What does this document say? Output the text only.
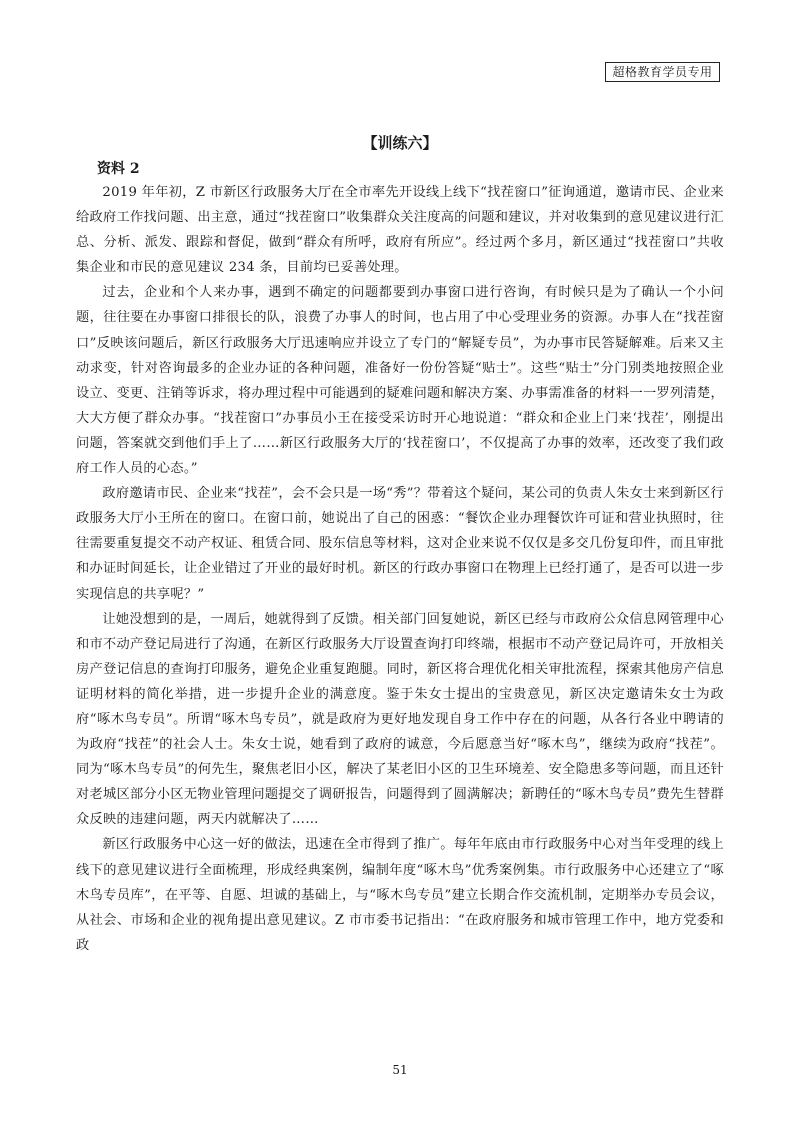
超格教育学员专用
【训练六】
资料 2

2019 年年初，Z 市新区行政服务大厅在全市率先开设线上线下“找茬窗口”征询通道，邀请市民、企业来给政府工作找问题、出主意，通过“找茬窗口”收集群众关注度高的问题和建议，并对收集到的意见建议进行汇总、分析、派发、跟踪和督促，做到“群众有所呼，政府有所应”。经过两个多月，新区通过“找茬窗口”共收集企业和市民的意见建议 234 条，目前均已妥善处理。

过去，企业和个人来办事，遇到不确定的问题都要到办事窗口进行咨询，有时候只是为了确认一个小问题，往往要在办事窗口排很长的队，浪费了办事人的时间，也占用了中心受理业务的资源。办事人在“找茬窗口”反映该问题后，新区行政服务大厅迅速响应并设立了专门的“解疑专员”，为办事市民答疑解难。后来又主动求变，针对咨询最多的企业办证的各种问题，准备好一份份答疑“贴士”。这些“贴士”分门别类地按照企业设立、变更、注销等诉求，将办理过程中可能遇到的疑难问题和解决方案、办事需准备的材料一一罗列清楚，大大方便了群众办事。“找茬窗口”办事员小王在接受采访时开心地说道：“群众和企业上门来‘找茬’，刚提出问题，答案就交到他们手上了……新区行政服务大厅的‘找茬窗口’，不仅提高了办事的效率，还改变了我们政府工作人员的心态。”

政府邀请市民、企业来“找茬”，会不会只是一场“秀”？带着这个疑问，某公司的负责人朱女士来到新区行政服务大厅小王所在的窗口。在窗口前，她说出了自己的困惑：“餐饮企业办理餐饮许可证和营业执照时，往往需要重复提交不动产权证、租赁合同、股东信息等材料，这对企业来说不仅仅是多交几份复印件，而且审批和办证时间延长，让企业错过了开业的最好时机。新区的行政办事窗口在物理上已经打通了，是否可以进一步实现信息的共享呢？”

让她没想到的是，一周后，她就得到了反馈。相关部门回复她说，新区已经与市政府公众信息网管理中心和市不动产登记局进行了沟通，在新区行政服务大厅设置查询打印终端，根据市不动产登记局许可，开放相关房产登记信息的查询打印服务，避免企业重复跑腿。同时，新区将合理优化相关审批流程，探索其他房产信息证明材料的简化举措，进一步提升企业的满意度。鉴于朱女士提出的宝贵意见，新区决定邀请朱女士为政府“啄木鸟专员”。所谓“啄木鸟专员”，就是政府为更好地发现自身工作中存在的问题，从各行各业中聘请的为政府“找茬”的社会人士。朱女士说，她看到了政府的诚意，今后愿意当好“啄木鸟”，继续为政府“找茬”。同为“啄木鸟专员”的何先生，聚焦老旧小区，解决了某老旧小区的卫生环境差、安全隐患多等问题，而且还针对老城区部分小区无物业管理问题提交了调研报告，问题得到了圆满解决；新聘任的“啄木鸟专员”费先生替群众反映的违建问题，两天内就解决了……

新区行政服务中心这一好的做法，迅速在全市得到了推广。每年年底由市行政服务中心对当年受理的线上线下的意见建议进行全面梳理，形成经典案例，编制年度“啄木鸟”优秀案例集。市行政服务中心还建立了“啄木鸟专员库”，在平等、自愿、坦诚的基础上，与“啄木鸟专员”建立长期合作交流机制，定期举办专员会议，从社会、市场和企业的视角提出意见建议。Z 市市委书记指出：“在政府服务和城市管理工作中，地方党委和政

51
